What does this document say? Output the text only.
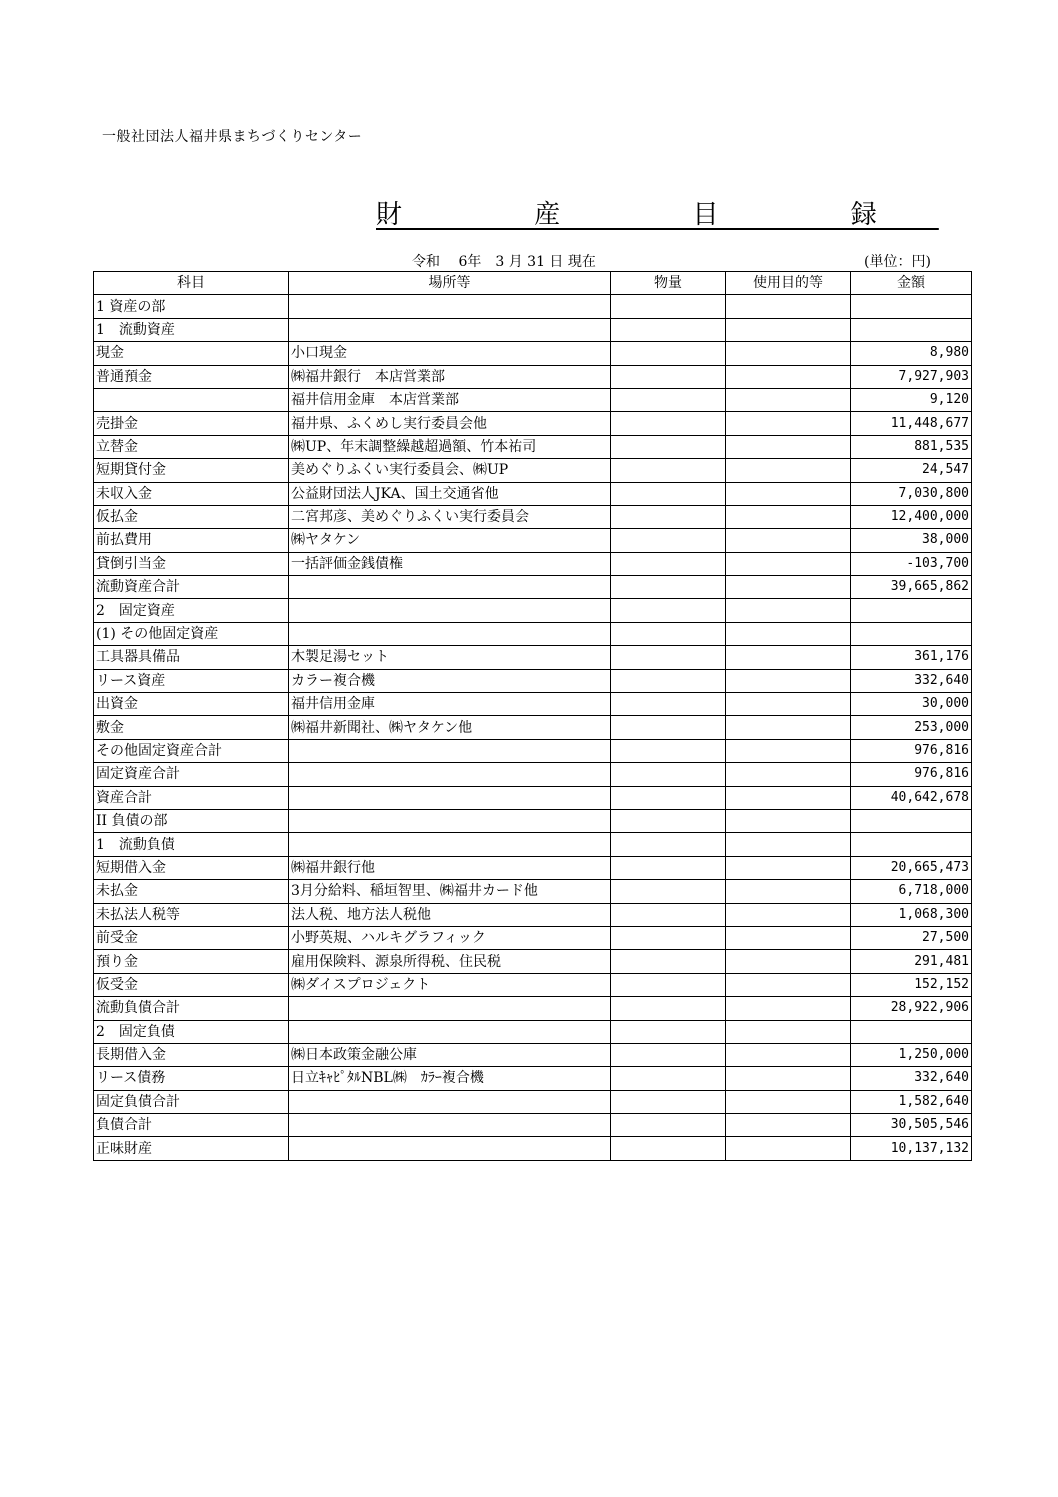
一般社団法人福井県まちづくりセンター
財 産 目 録
令和　 6年　3 月 31 日 現在	(単位：円)
科目	場所等	物量	使用目的等	金額
1 資産の部				
1　流動資産				
現金	小口現金			8,980
普通預金	㈱福井銀行　本店営業部			7,927,903
	福井信用金庫　本店営業部			9,120
売掛金	福井県、ふくめし実行委員会他			11,448,677
立替金	㈱UP、年末調整繰越超過額、竹本祐司			881,535
短期貸付金	美めぐりふくい実行委員会、㈱UP			24,547
未収入金	公益財団法人JKA、国土交通省他			7,030,800
仮払金	二宮邦彦、美めぐりふくい実行委員会			12,400,000
前払費用	㈱ヤタケン			38,000
貸倒引当金	一括評価金銭債権			-103,700
流動資産合計				39,665,862
2　固定資産				
(1) その他固定資産				
工具器具備品	木製足湯セット			361,176
リース資産	カラー複合機			332,640
出資金	福井信用金庫			30,000
敷金	㈱福井新聞社、㈱ヤタケン他			253,000
その他固定資産合計				976,816
固定資産合計				976,816
資産合計				40,642,678
II 負債の部				
1　流動負債				
短期借入金	㈱福井銀行他			20,665,473
未払金	3月分給料、稲垣智里、㈱福井カード他			6,718,000
未払法人税等	法人税、地方法人税他			1,068,300
前受金	小野英規、ハルキグラフィック			27,500
預り金	雇用保険料、源泉所得税、住民税			291,481
仮受金	㈱ダイスプロジェクト			152,152
流動負債合計				28,922,906
2　固定負債				
長期借入金	㈱日本政策金融公庫			1,250,000
リース債務	日立ｷｬﾋﾟﾀﾙNBL㈱　ｶﾗｰ複合機			332,640
固定負債合計				1,582,640
負債合計				30,505,546
正味財産				10,137,132
